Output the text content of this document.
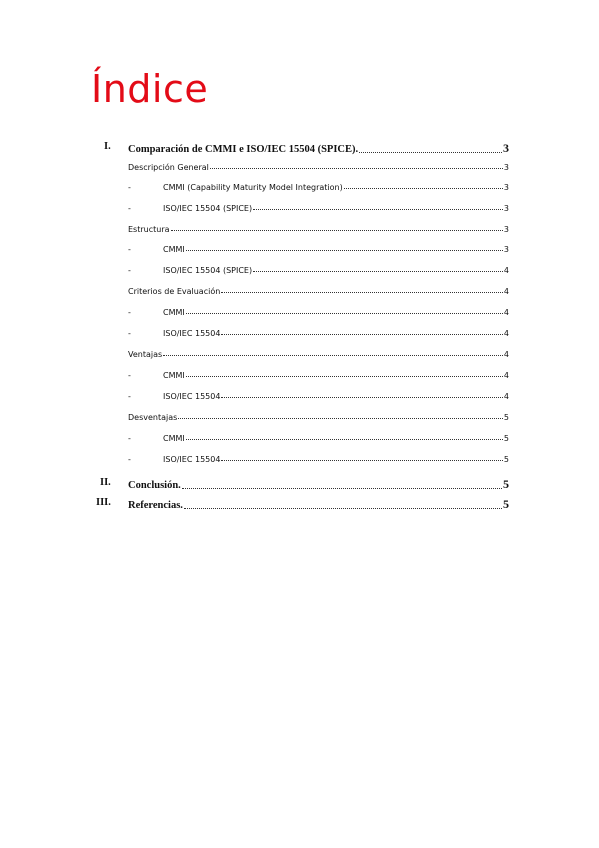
Índice
I. Comparación de CMMI e ISO/IEC 15504 (SPICE).	3
Descripción General	3
-	CMMI (Capability Maturity Model Integration)	3
-	ISO/IEC 15504 (SPICE)	3
Estructura	3
-	CMMI	3
-	ISO/IEC 15504 (SPICE)	4
Criterios de Evaluación	4
-	CMMI	4
-	ISO/IEC 15504	4
Ventajas	4
-	CMMI	4
-	ISO/IEC 15504	4
Desventajas	5
-	CMMI	5
-	ISO/IEC 15504	5
II. Conclusión.	5
III. Referencias.	5
